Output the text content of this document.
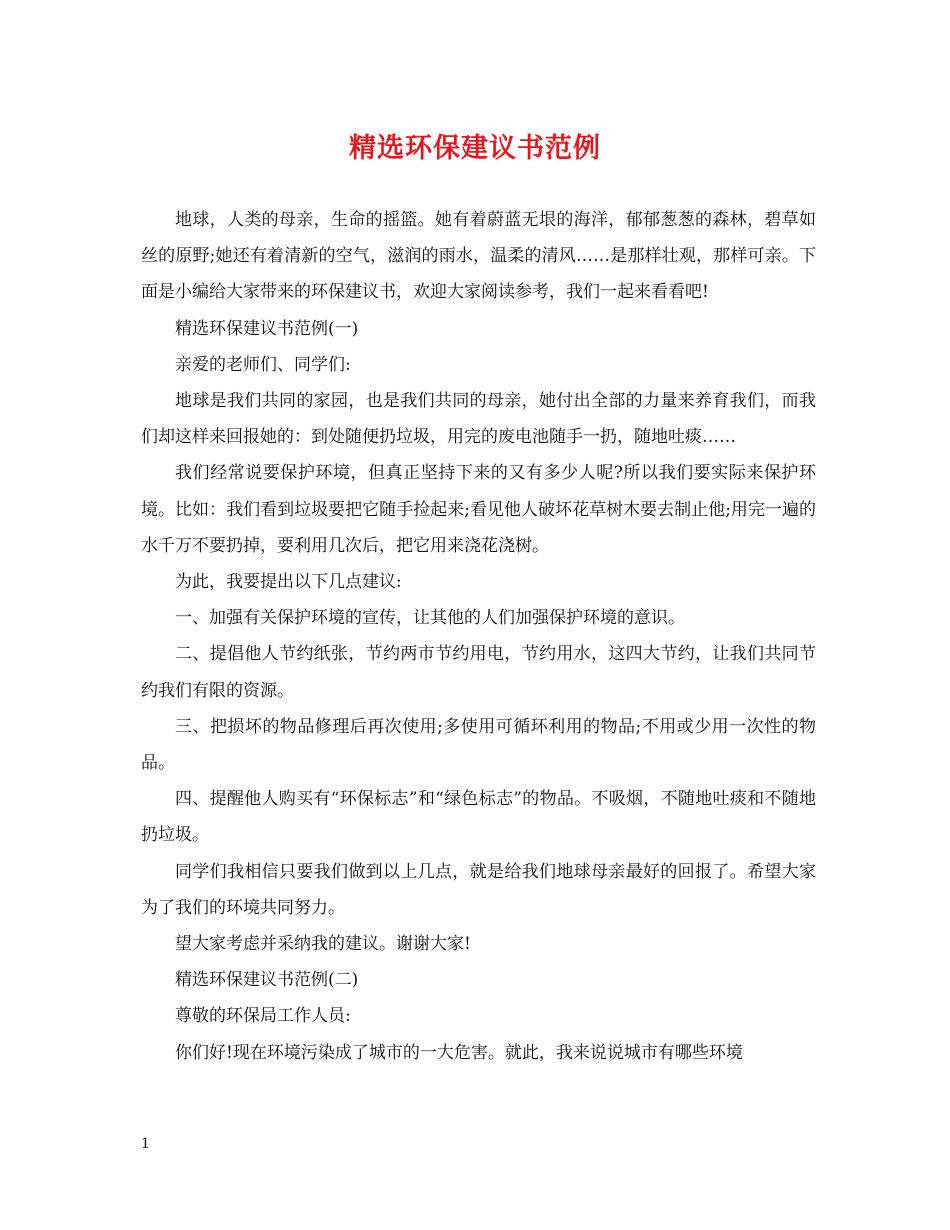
精选环保建议书范例

地球，人类的母亲，生命的摇篮。她有着蔚蓝无垠的海洋，郁郁葱葱的森林，碧草如丝的原野;她还有着清新的空气，滋润的雨水，温柔的清风……是那样壮观，那样可亲。下面是小编给大家带来的环保建议书，欢迎大家阅读参考，我们一起来看看吧!

精选环保建议书范例(一)

亲爱的老师们、同学们:

地球是我们共同的家园，也是我们共同的母亲，她付出全部的力量来养育我们，而我们却这样来回报她的：到处随便扔垃圾，用完的废电池随手一扔，随地吐痰……

我们经常说要保护环境，但真正坚持下来的又有多少人呢?所以我们要实际来保护环境。比如：我们看到垃圾要把它随手捡起来;看见他人破坏花草树木要去制止他;用完一遍的水千万不要扔掉，要利用几次后，把它用来浇花浇树。

为此，我要提出以下几点建议:

一、加强有关保护环境的宣传，让其他的人们加强保护环境的意识。

二、提倡他人节约纸张，节约两市节约用电，节约用水，这四大节约，让我们共同节约我们有限的资源。

三、把损坏的物品修理后再次使用;多使用可循环利用的物品;不用或少用一次性的物品。

四、提醒他人购买有“环保标志”和“绿色标志”的物品。不吸烟，不随地吐痰和不随地扔垃圾。

同学们我相信只要我们做到以上几点，就是给我们地球母亲最好的回报了。希望大家为了我们的环境共同努力。

望大家考虑并采纳我的建议。谢谢大家!

精选环保建议书范例(二)

尊敬的环保局工作人员:

你们好!现在环境污染成了城市的一大危害。就此，我来说说城市有哪些环境

1
